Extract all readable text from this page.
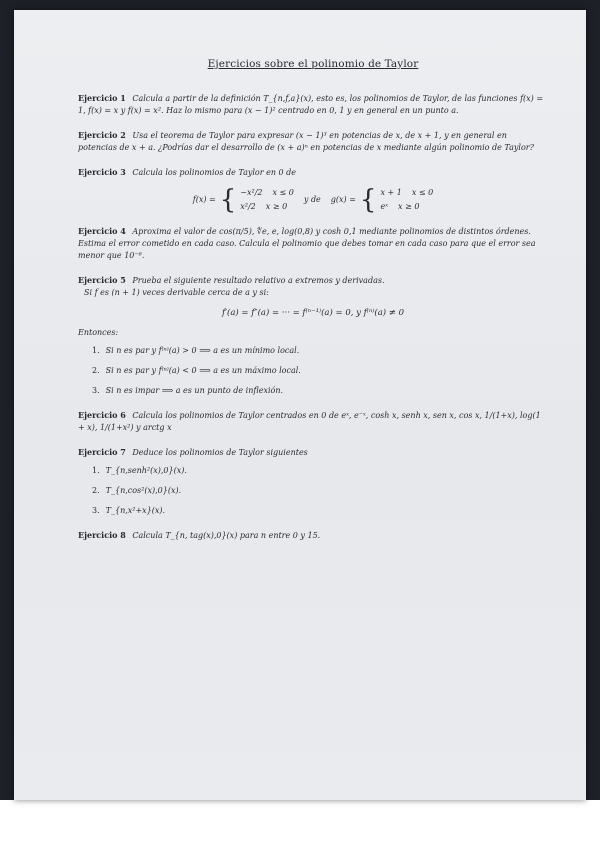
Ejercicios sobre el polinomio de Taylor
Ejercicio 1 Calcula a partir de la definición T_{n,f,a}(x), esto es, los polinomios de Taylor, de las funciones f(x) = 1, f(x) = x y f(x) = x². Haz lo mismo para (x − 1)² centrado en 0, 1 y en general en un punto a.
Ejercicio 2 Usa el teorema de Taylor para expresar (x − 1)³ en potencias de x, de x + 1, y en general en potencias de x + a. ¿Podrías dar el desarrollo de (x + a)ⁿ en potencias de x mediante algún polinomio de Taylor?
Ejercicio 3 Calcula los polinomios de Taylor en 0 de
f(x) = { −x²/2 x ≤ 0
x²/2 x ≥ 0
y de g(x) = { x + 1 x ≤ 0
eˣ x ≥ 0
Ejercicio 4 Aproxima el valor de cos(π/5), ∜e, e, log(0,8) y cosh 0,1 mediante polinomios de distintos órdenes. Estima el error cometido en cada caso. Calcula el polinomio que debes tomar en cada caso para que el error sea menor que 10⁻⁶.
Ejercicio 5 Prueba el siguiente resultado relativo a extremos y derivadas.
Si f es (n + 1) veces derivable cerca de a y si:
f′(a) = f″(a) = ··· = f⁽ⁿ⁻¹⁾(a) = 0, y f⁽ⁿ⁾(a) ≠ 0
Entonces:
1. Si n es par y f⁽ⁿ⁾(a) > 0 ⟹ a es un mínimo local.
2. Si n es par y f⁽ⁿ⁾(a) < 0 ⟹ a es un máximo local.
3. Si n es impar ⟹ a es un punto de inflexión.
Ejercicio 6 Calcula los polinomios de Taylor centrados en 0 de eˣ, e⁻ˣ, cosh x, senh x, sen x, cos x, 1/(1+x), log(1 + x), 1/(1+x²) y arctg x
Ejercicio 7 Deduce los polinomios de Taylor siguientes
1. T_{n,senh²(x),0}(x).
2. T_{n,cos²(x),0}(x).
3. T_{n,x²+x}(x).
Ejercicio 8 Calcula T_{n, tag(x),0}(x) para n entre 0 y 15.
